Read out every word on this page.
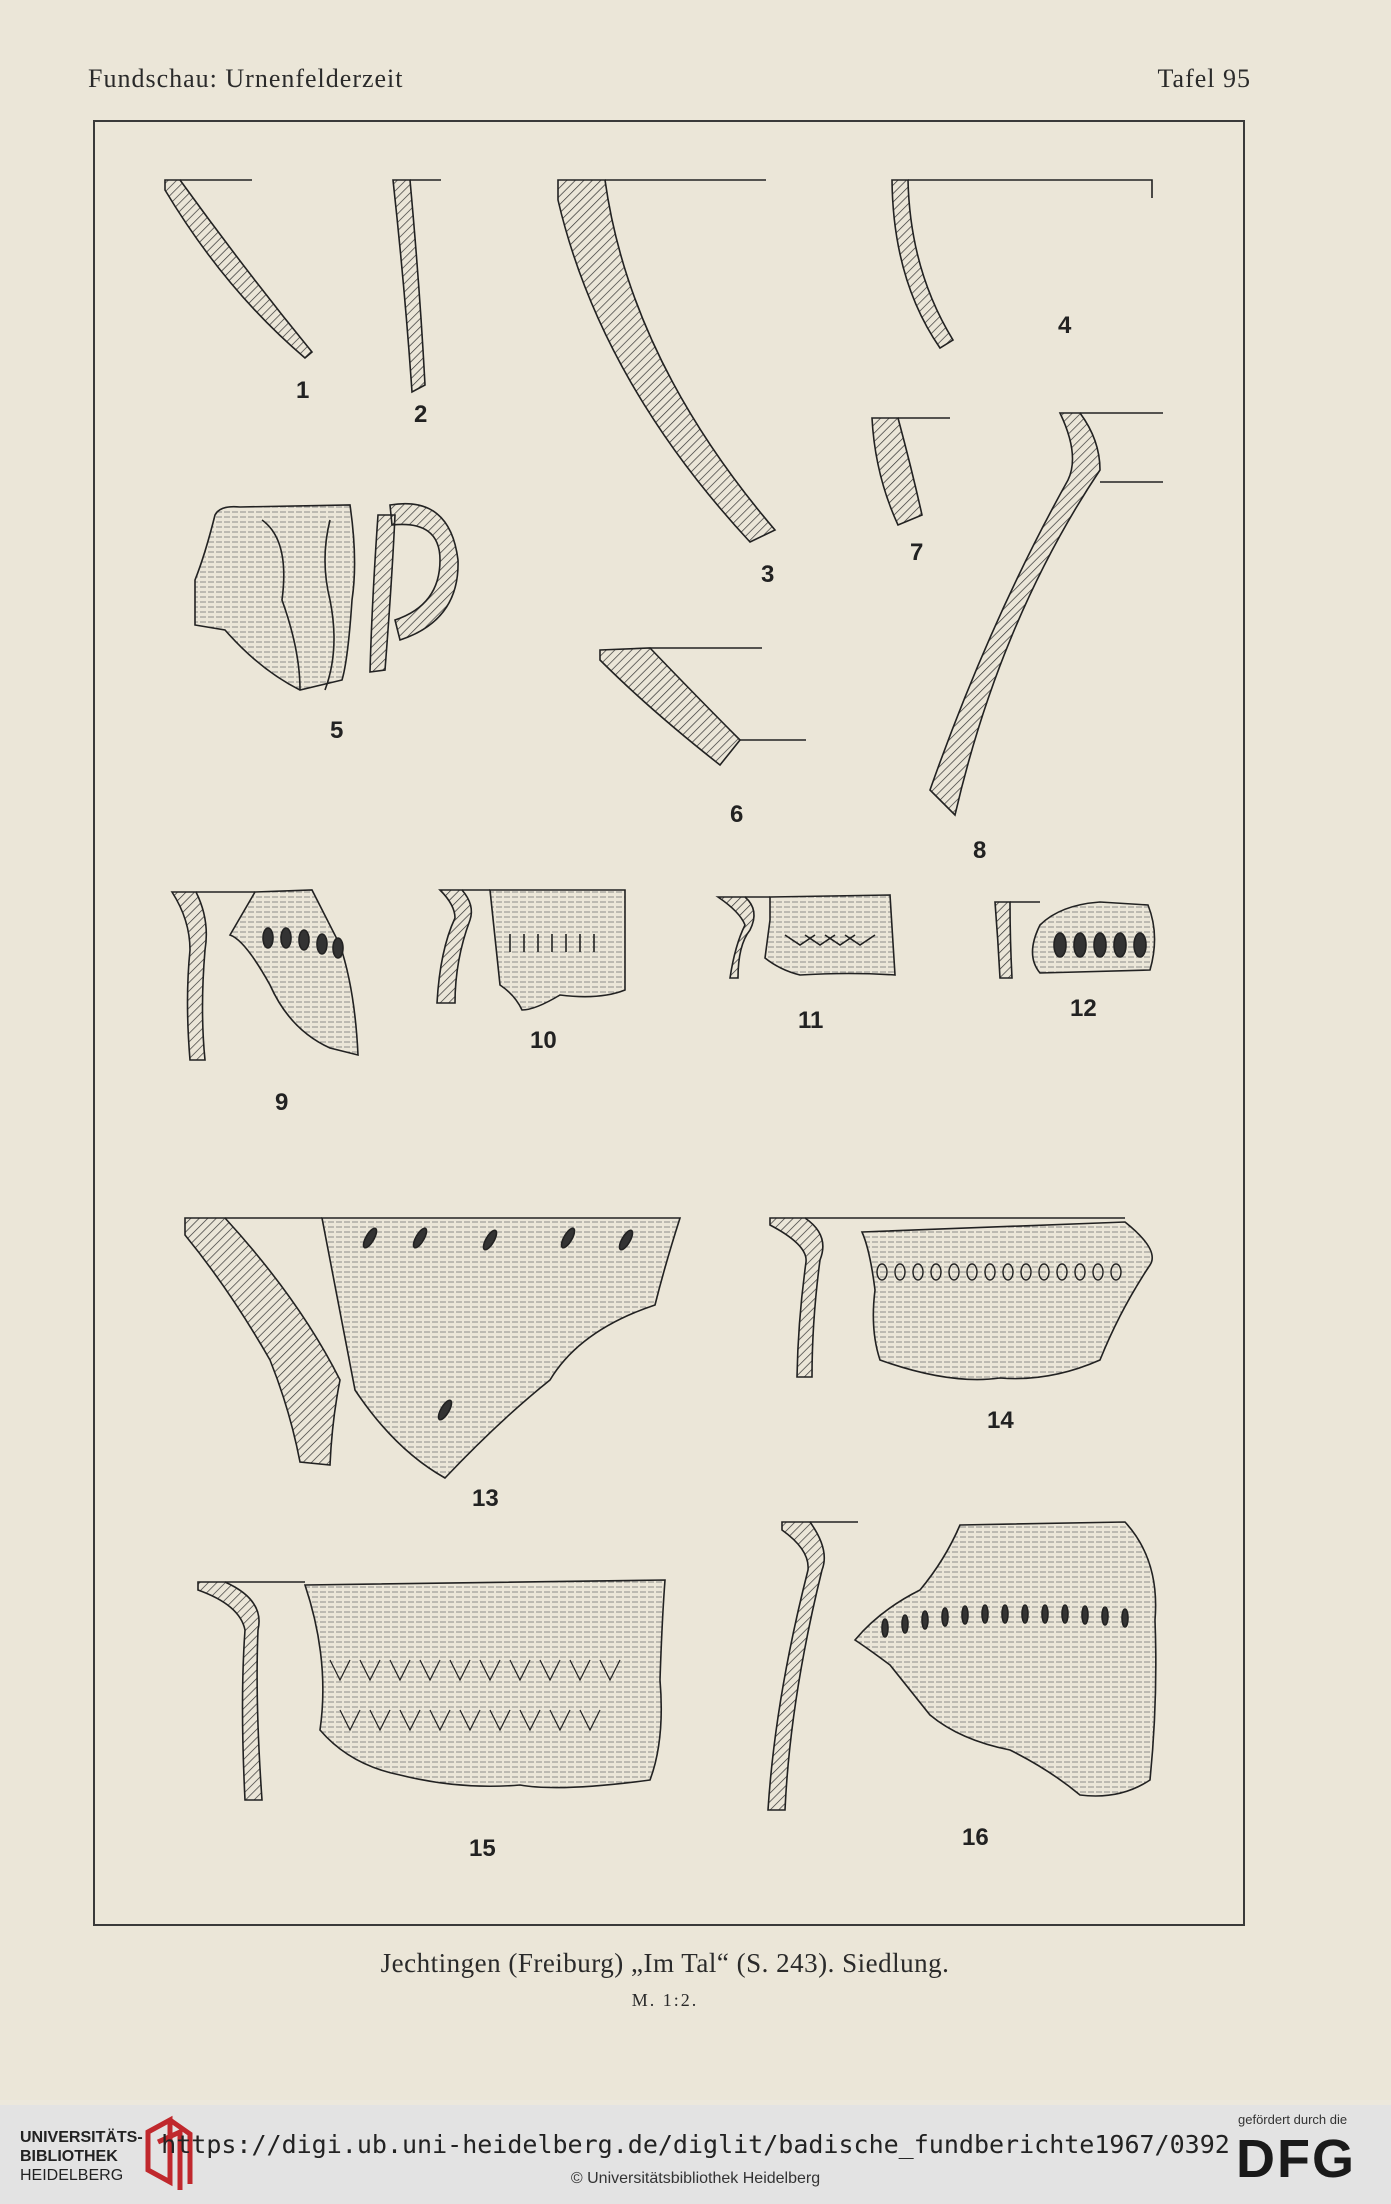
Fundschau: Urnenfelderzeit	Tafel 95
1
2
3
4
5
6
7
8
9
10
11	12
13
14
15	16
Jechtingen (Freiburg) „Im Tal“ (S. 243). Siedlung.
M. 1:2.
UNIVERSITÄTS-
BIBLIOTHEK
HEIDELBERG
https://digi.ub.uni-heidelberg.de/diglit/badische_fundberichte1967/0392
© Universitätsbibliothek Heidelberg
gefördert durch die
DFG
